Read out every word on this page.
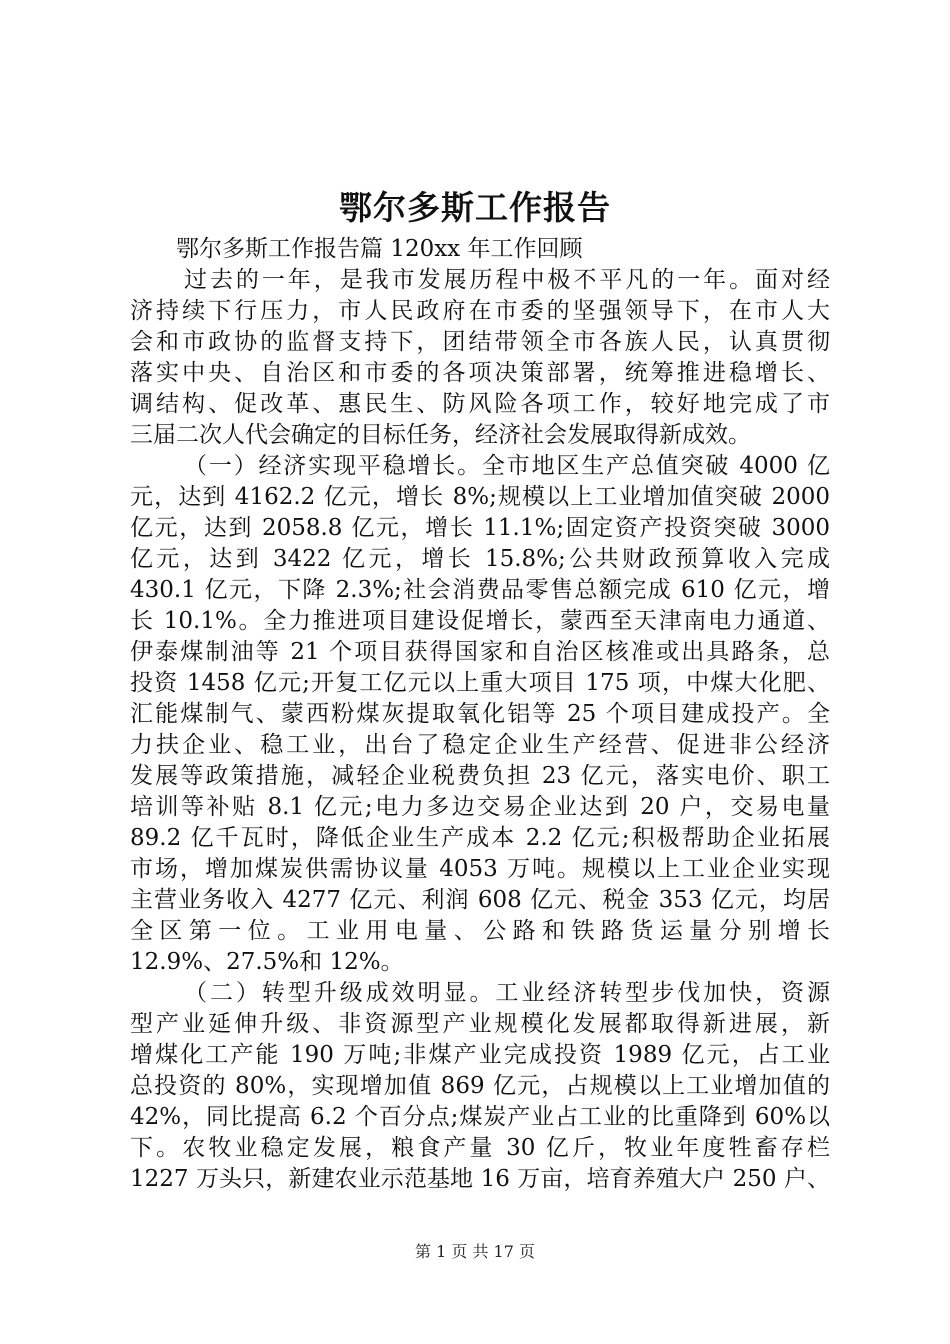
鄂尔多斯工作报告
鄂尔多斯工作报告篇 120xx 年工作回顾
过去的一年，是我市发展历程中极不平凡的一年。面对经
济持续下行压力，市人民政府在市委的坚强领导下，在市人大
会和市政协的监督支持下，团结带领全市各族人民，认真贯彻
落实中央、自治区和市委的各项决策部署，统筹推进稳增长、
调结构、促改革、惠民生、防风险各项工作，较好地完成了市
三届二次人代会确定的目标任务，经济社会发展取得新成效。
（一）经济实现平稳增长。全市地区生产总值突破 4000 亿
元，达到 4162.2 亿元，增长 8%;规模以上工业增加值突破 2000
亿元，达到 2058.8 亿元，增长 11.1%;固定资产投资突破 3000
亿元，达到 3422 亿元，增长 15.8%;公共财政预算收入完成
430.1 亿元，下降 2.3%;社会消费品零售总额完成 610 亿元，增
长 10.1%。全力推进项目建设促增长，蒙西至天津南电力通道、
伊泰煤制油等 21 个项目获得国家和自治区核准或出具路条，总
投资 1458 亿元;开复工亿元以上重大项目 175 项，中煤大化肥、
汇能煤制气、蒙西粉煤灰提取氧化铝等 25 个项目建成投产。全
力扶企业、稳工业，出台了稳定企业生产经营、促进非公经济
发展等政策措施，减轻企业税费负担 23 亿元，落实电价、职工
培训等补贴 8.1 亿元;电力多边交易企业达到 20 户，交易电量
89.2 亿千瓦时，降低企业生产成本 2.2 亿元;积极帮助企业拓展
市场，增加煤炭供需协议量 4053 万吨。规模以上工业企业实现
主营业务收入 4277 亿元、利润 608 亿元、税金 353 亿元，均居
全区第一位。工业用电量、公路和铁路货运量分别增长
12.9%、27.5%和 12%。
（二）转型升级成效明显。工业经济转型步伐加快，资源
型产业延伸升级、非资源型产业规模化发展都取得新进展，新
增煤化工产能 190 万吨;非煤产业完成投资 1989 亿元，占工业
总投资的 80%，实现增加值 869 亿元，占规模以上工业增加值的
42%，同比提高 6.2 个百分点;煤炭产业占工业的比重降到 60%以
下。农牧业稳定发展，粮食产量 30 亿斤，牧业年度牲畜存栏
1227 万头只，新建农业示范基地 16 万亩，培育养殖大户 250 户、
第 1 页 共 17 页
